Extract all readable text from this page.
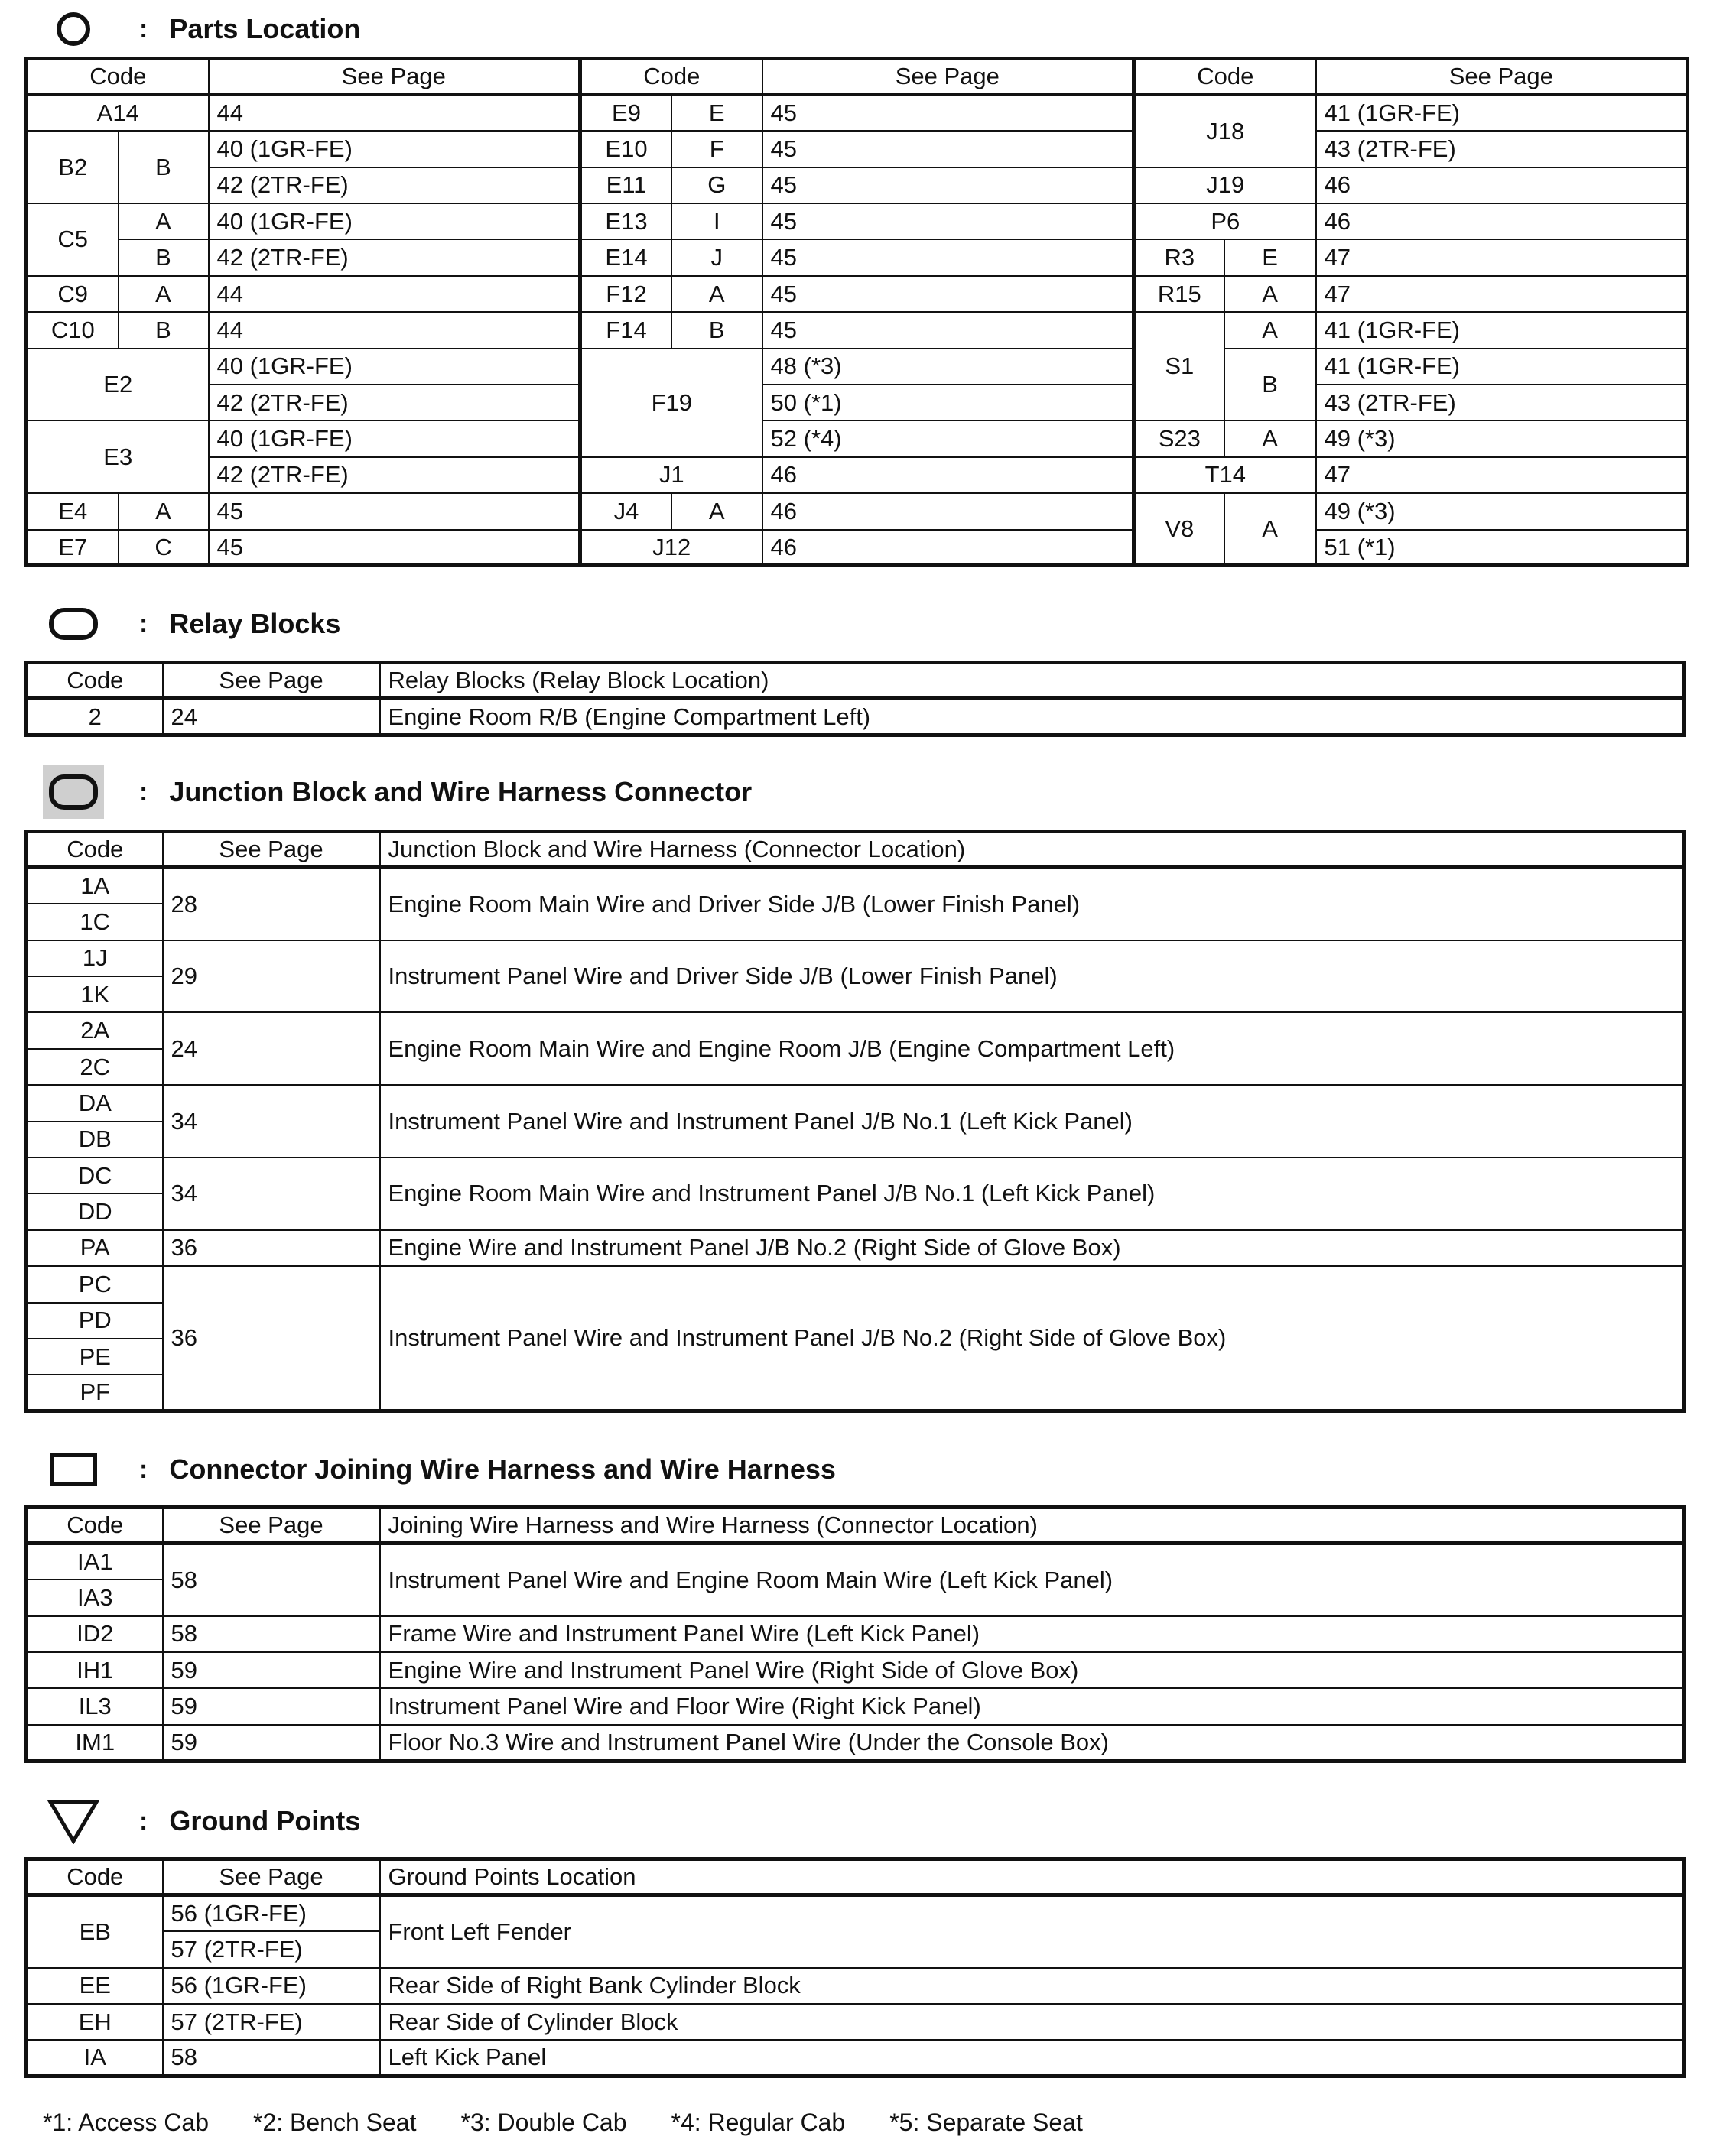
: Parts Location
Code		See Page	Code	See Page	Code		See Page
A14		44	E9 E	45	J18		41 (1GR-FE)
B2	B	40 (1GR-FE)	E10 F	45			43 (2TR-FE)
		42 (2TR-FE)	E11 G	45	J19		46
C5	A	40 (1GR-FE)	E13 I	45	P6		46
	B	42 (2TR-FE)	E14 J	45	R3	E	47
C9	A	44	F12 A	45	R15	A	47
C10	B	44	F14 B	45	S1	A	41 (1GR-FE)
E2		40 (1GR-FE)	F19	48 (*3)		B	41 (1GR-FE)
		42 (2TR-FE)		50 (*1)			43 (2TR-FE)
E3		40 (1GR-FE)		52 (*4)	S23	A	49 (*3)
		42 (2TR-FE)	J1	46	T14		47
E4	A	45	J4 A	46	V8	A	49 (*3)
E7	C	45	J12	46			51 (*1)
: Relay Blocks
Code	See Page	Relay Blocks (Relay Block Location)
2	24	Engine Room R/B (Engine Compartment Left)
: Junction Block and Wire Harness Connector
Code	See Page	Junction Block and Wire Harness (Connector Location)
1A	28	Engine Room Main Wire and Driver Side J/B (Lower Finish Panel)
1C		
1J	29	Instrument Panel Wire and Driver Side J/B (Lower Finish Panel)
1K		
2A	24	Engine Room Main Wire and Engine Room J/B (Engine Compartment Left)
2C		
DA	34	Instrument Panel Wire and Instrument Panel J/B No.1 (Left Kick Panel)
DB		
DC	34	Engine Room Main Wire and Instrument Panel J/B No.1 (Left Kick Panel)
DD		
PA	36	Engine Wire and Instrument Panel J/B No.2 (Right Side of Glove Box)
PC	36	Instrument Panel Wire and Instrument Panel J/B No.2 (Right Side of Glove Box)
PD		
PE		
PF		
: Connector Joining Wire Harness and Wire Harness
Code	See Page	Joining Wire Harness and Wire Harness (Connector Location)
IA1	58	Instrument Panel Wire and Engine Room Main Wire (Left Kick Panel)
IA3		
ID2	58	Frame Wire and Instrument Panel Wire (Left Kick Panel)
IH1	59	Engine Wire and Instrument Panel Wire (Right Side of Glove Box)
IL3	59	Instrument Panel Wire and Floor Wire (Right Kick Panel)
IM1	59	Floor No.3 Wire and Instrument Panel Wire (Under the Console Box)
: Ground Points
Code	See Page	Ground Points Location
EB	56 (1GR-FE)	Front Left Fender
	57 (2TR-FE)	
EE	56 (1GR-FE)	Rear Side of Right Bank Cylinder Block
EH	57 (2TR-FE)	Rear Side of Cylinder Block
IA	58	Left Kick Panel
*1: Access Cab *2: Bench Seat *3: Double Cab *4: Regular Cab *5: Separate Seat
